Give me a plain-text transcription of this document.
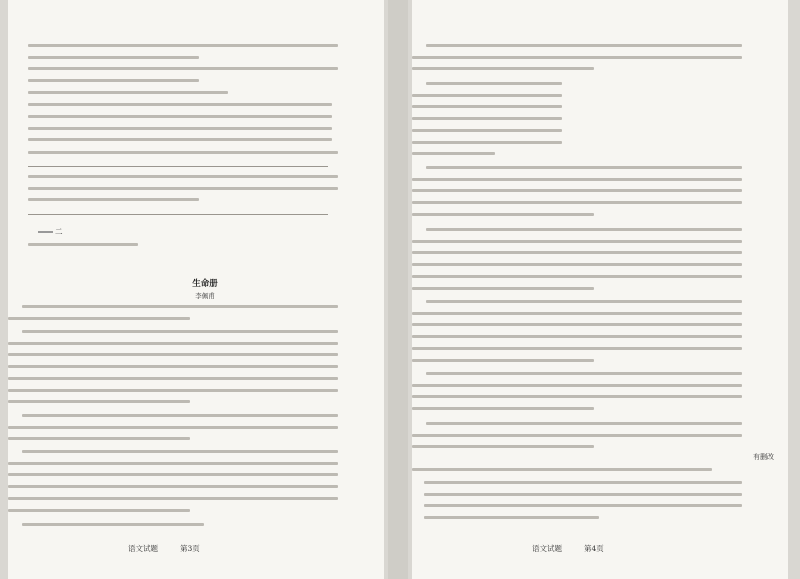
二
生命册
李佩甫
语文试题	第3页
有删改
语文试题	第4页
